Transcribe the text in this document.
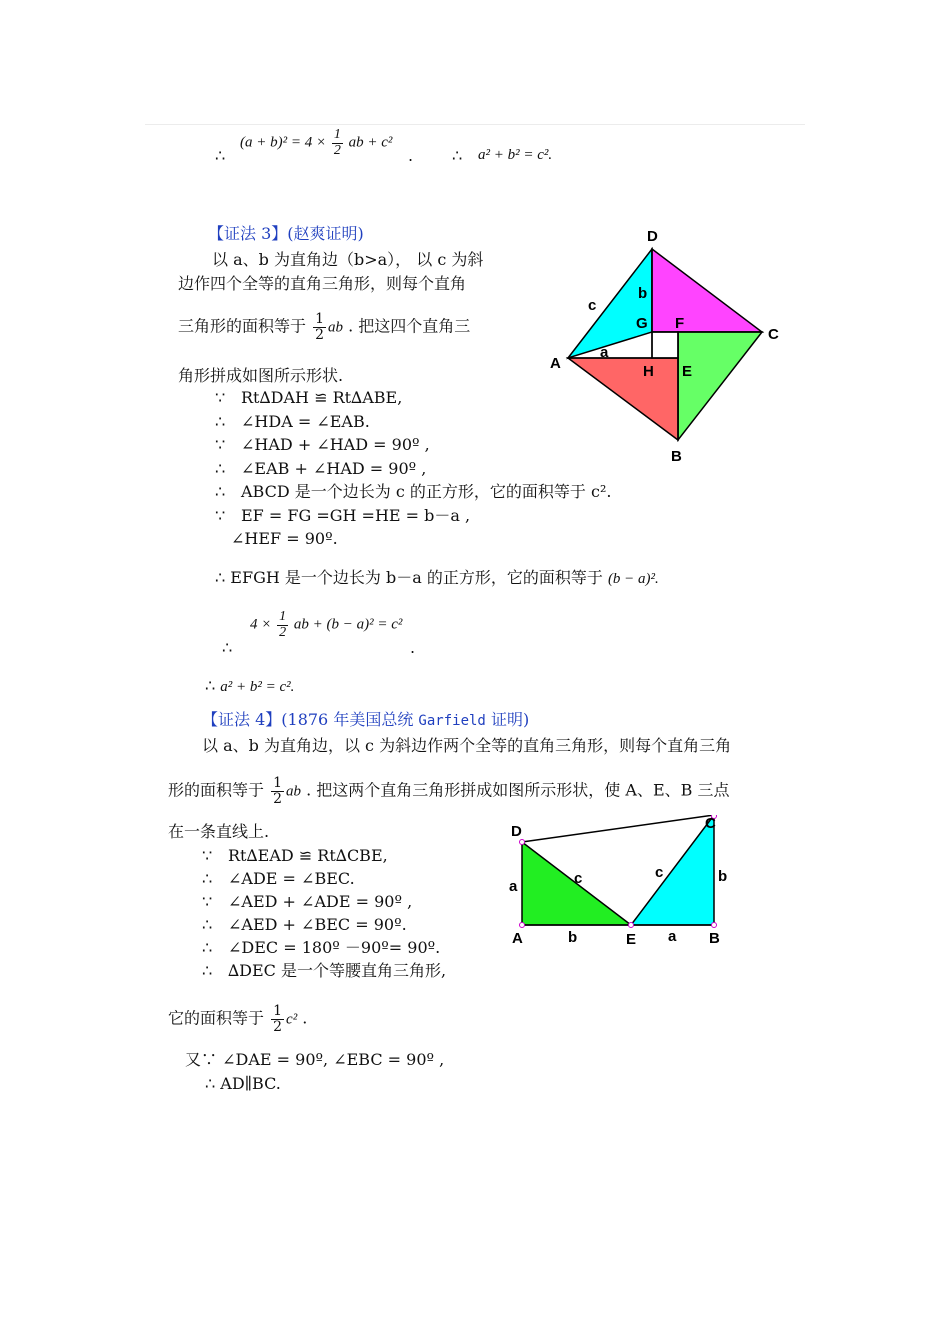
$(a + b)^2 = 4 \times \frac{1}{2}$ ab + c²
∴	. ∴ a² + b² = c².
【证法 3】(赵爽证明)
以 a、b 为直角边（b>a）， 以 c 为斜
边作四个全等的直角三角形，则每个直角
三角形的面积等于 $\frac{1}{2}$ ab . 把这四个直角三
角形拼成如图所示形状.
∵ Rt∆DAH ≌ Rt∆ABE,
∴ ∠HDA = ∠EAB.
∵ ∠HAD + ∠HAD = 90º ,
∴ ∠EAB + ∠HAD = 90º ,
∴ ABCD 是一个边长为 c 的正方形，它的面积等于 c².
∵ EF = FG =GH =HE = b－a ,
∠HEF = 90º.
∴ EFGH 是一个边长为 b－a 的正方形，它的面积等于 (b − a)².
$4 \times \frac{1}{2}$ ab + (b − a)² = c²
∴	.
∴ a² + b² = c².
D
C
A
B
G F
H E
a
b
c
【证法 4】(1876 年美国总统 Garfield 证明)
以 a、b 为直角边，以 c 为斜边作两个全等的直角三角形，则每个直角三角
形的面积等于 $\frac{1}{2}$ ab . 把这两个直角三角形拼成如图所示形状，使 A、E、B 三点
在一条直线上.
∵ Rt∆EAD ≌ Rt∆CBE,
∴ ∠ADE = ∠BEC.
∵ ∠AED + ∠ADE = 90º ,
∴ ∠AED + ∠BEC = 90º.
∴ ∠DEC = 180º －90º= 90º.
∴ ∆DEC 是一个等腰直角三角形,
它的面积等于 $\frac{1}{2} c^2$ .
又∵ ∠DAE = 90º, ∠EBC = 90º ,
∴ AD∥BC.
D	C
A	E	B
a
b
c	c
a
b
